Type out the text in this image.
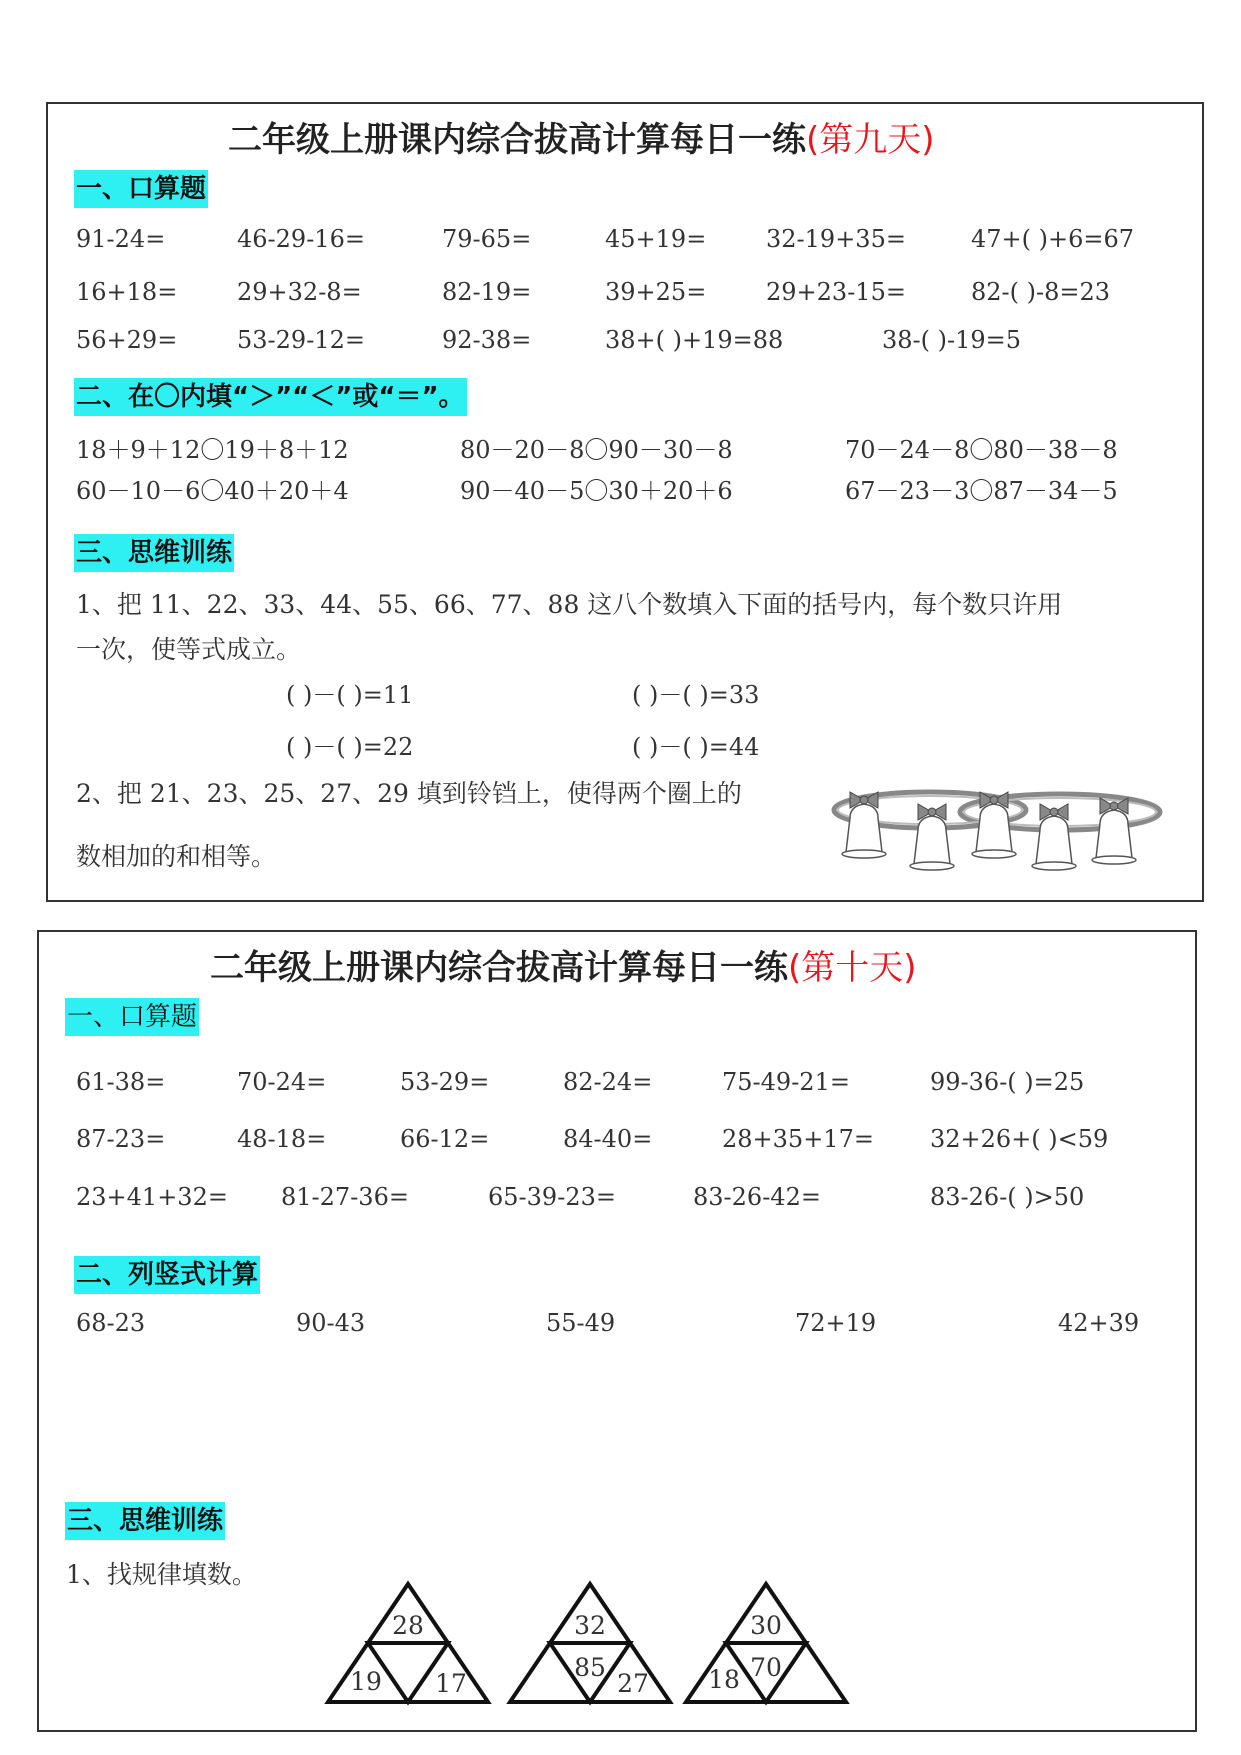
二年级上册课内综合拔高计算每日一练(第九天)
一、口算题
91-24=	46-29-16=	79-65=	45+19= 32-19+35=	47+( )+6=67
16+18= 29+32-8=	82-19=	39+25= 29+23-15=	82-( )-8=23
56+29= 53-29-12=	92-38=	38+( )+19=88	38-( )-19=5
二、在〇内填“＞”“＜”或“＝”。
18＋9＋12〇19＋8＋12	80－20－8〇90－30－8	70－24－8〇80－38－8
60－10－6〇40＋20＋4	90－40－5〇30＋20＋6	67－23－3〇87－34－5
三、思维训练
1、把 11、22、33、44、55、66、77、88 这八个数填入下面的括号内，每个数只许用
一次，使等式成立。
( )－( )=11	( )－( )=33
( )－( )=22	( )－( )=44
2、把 21、23、25、27、29 填到铃铛上，使得两个圈上的
数相加的和相等。
二年级上册课内综合拔高计算每日一练(第十天)
一、口算题
61-38=	70-24=	53-29=	82-24=	75-49-21=	99-36-( )=25
87-23=	48-18=	66-12=	84-40=	28+35+17= 32+26+( )<59
23+41+32= 81-27-36=	65-39-23=	83-26-42=	83-26-( )>50
二、列竖式计算
68-23	90-43	55-49	72+19	42+39
三、思维训练
1、找规律填数。
28
19 17
32
85
27
30
70
18
